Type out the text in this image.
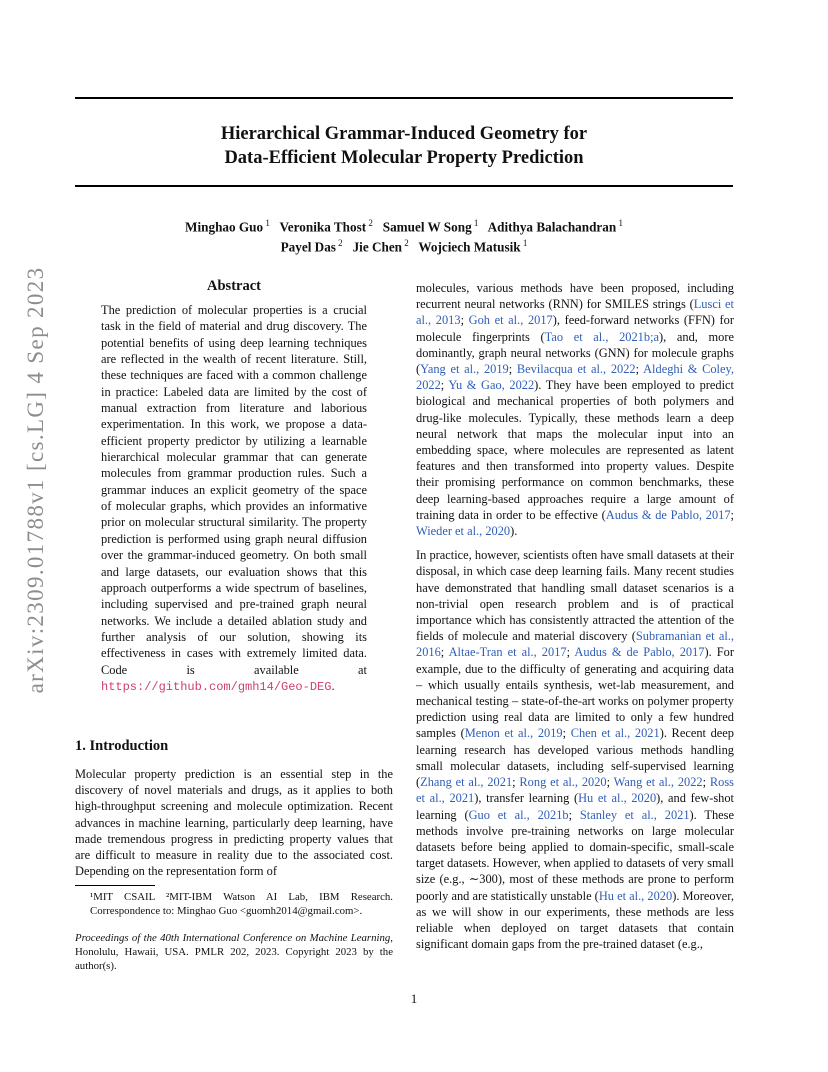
Hierarchical Grammar-Induced Geometry for
Data-Efficient Molecular Property Prediction
Minghao Guo $^1$  Veronika Thost $^2$  Samuel W Song $^1$  Adithya Balachandran $^1$
Payel Das $^2$  Jie Chen $^2$  Wojciech Matusik $^1$
arXiv:2309.01788v1 [cs.LG] 4 Sep 2023	Abstract

The prediction of molecular properties is a crucial task in the field of material and drug discovery. The potential benefits of using deep learning techniques are reflected in the wealth of recent literature. Still, these techniques are faced with a common challenge in practice: Labeled data are limited by the cost of manual extraction from literature and laborious experimentation. In this work, we propose a data-efficient property predictor by utilizing a learnable hierarchical molecular grammar that can generate molecules from grammar production rules. Such a grammar induces an explicit geometry of the space of molecular graphs, which provides an informative prior on molecular structural similarity. The property prediction is performed using graph neural diffusion over the grammar-induced geometry. On both small and large datasets, our evaluation shows that this approach outperforms a wide spectrum of baselines, including supervised and pre-trained graph neural networks. We include a detailed ablation study and further analysis of our solution, showing its effectiveness in cases with extremely limited data. Code is available at https://github.com/gmh14/Geo-DEG.

1. Introduction

Molecular property prediction is an essential step in the discovery of novel materials and drugs, as it applies to both high-throughput screening and molecule optimization. Recent advances in machine learning, particularly deep learning, have made tremendous progress in predicting property values that are difficult to measure in reality due to the associated cost. Depending on the representation form of

¹MIT CSAIL ²MIT-IBM Watson AI Lab, IBM Research. Correspondence to: Minghao Guo <guomh2014@gmail.com>.

Proceedings of the 40th International Conference on Machine Learning, Honolulu, Hawaii, USA. PMLR 202, 2023. Copyright 2023 by the author(s).

molecules, various methods have been proposed, including recurrent neural networks (RNN) for SMILES strings (Lusci et al., 2013; Goh et al., 2017), feed-forward networks (FFN) for molecule fingerprints (Tao et al., 2021b;a), and, more dominantly, graph neural networks (GNN) for molecule graphs (Yang et al., 2019; Bevilacqua et al., 2022; Aldeghi & Coley, 2022; Yu & Gao, 2022). They have been employed to predict biological and mechanical properties of both polymers and drug-like molecules. Typically, these methods learn a deep neural network that maps the molecular input into an embedding space, where molecules are represented as latent features and then transformed into property values. Despite their promising performance on common benchmarks, these deep learning-based approaches require a large amount of training data in order to be effective (Audus & de Pablo, 2017; Wieder et al., 2020).

In practice, however, scientists often have small datasets at their disposal, in which case deep learning fails. Many recent studies have demonstrated that handling small dataset scenarios is a non-trivial open research problem and is of practical importance which has consistently attracted the attention of the fields of molecule and material discovery (Subramanian et al., 2016; Altae-Tran et al., 2017; Audus & de Pablo, 2017). For example, due to the difficulty of generating and acquiring data – which usually entails synthesis, wet-lab measurement, and mechanical testing – state-of-the-art works on polymer property prediction using real data are limited to only a few hundred samples (Menon et al., 2019; Chen et al., 2021). Recent deep learning research has developed various methods handling small molecular datasets, including self-supervised learning (Zhang et al., 2021; Rong et al., 2020; Wang et al., 2022; Ross et al., 2021), transfer learning (Hu et al., 2020), and few-shot learning (Guo et al., 2021b; Stanley et al., 2021). These methods involve pre-training networks on large molecular datasets before being applied to domain-specific, small-scale target datasets. However, when applied to datasets of very small size (e.g., ∼300), most of these methods are prone to perform poorly and are statistically unstable (Hu et al., 2020). Moreover, as we will show in our experiments, these methods are less reliable when deployed on target datasets that contain significant domain gaps from the pre-trained dataset (e.g.,

1
